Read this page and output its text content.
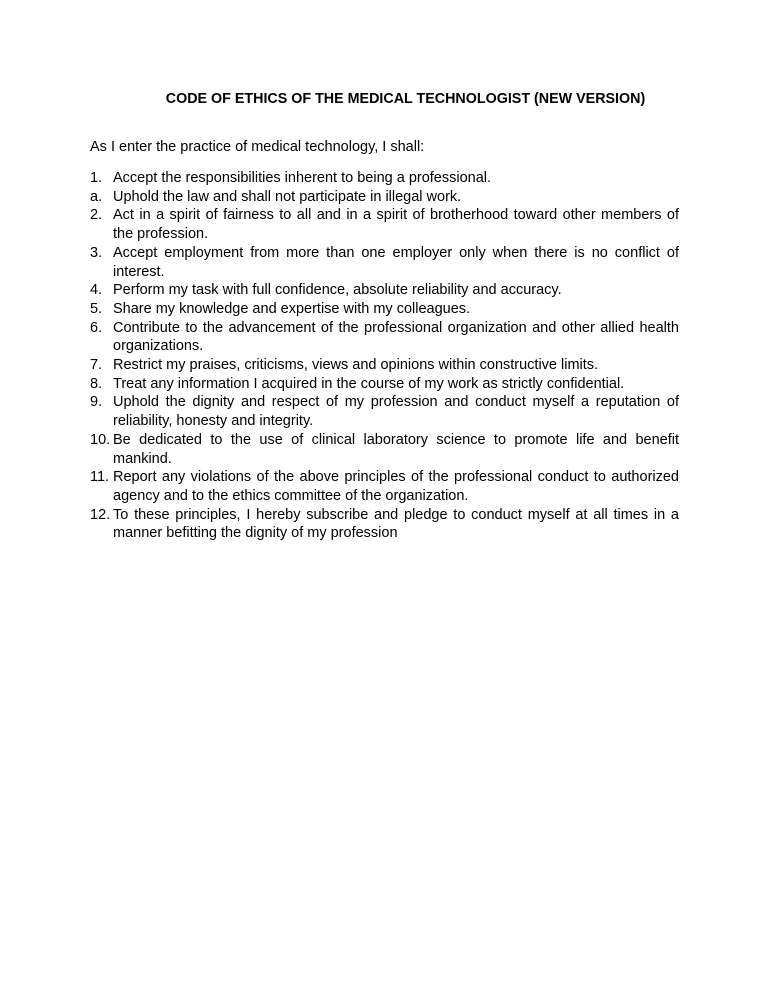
CODE OF ETHICS OF THE MEDICAL TECHNOLOGIST (NEW VERSION)
As I enter the practice of medical technology, I shall:
1. Accept the responsibilities inherent to being a professional.
a. Uphold the law and shall not participate in illegal work.
2. Act in a spirit of fairness to all and in a spirit of brotherhood toward other members of the profession.
3. Accept employment from more than one employer only when there is no conflict of interest.
4. Perform my task with full confidence, absolute reliability and accuracy.
5. Share my knowledge and expertise with my colleagues.
6. Contribute to the advancement of the professional organization and other allied health organizations.
7. Restrict my praises, criticisms, views and opinions within constructive limits.
8. Treat any information I acquired in the course of my work as strictly confidential.
9. Uphold the dignity and respect of my profession and conduct myself a reputation of reliability, honesty and integrity.
10. Be dedicated to the use of clinical laboratory science to promote life and benefit mankind.
11. Report any violations of the above principles of the professional conduct to authorized agency and to the ethics committee of the organization.
12. To these principles, I hereby subscribe and pledge to conduct myself at all times in a manner befitting the dignity of my profession
